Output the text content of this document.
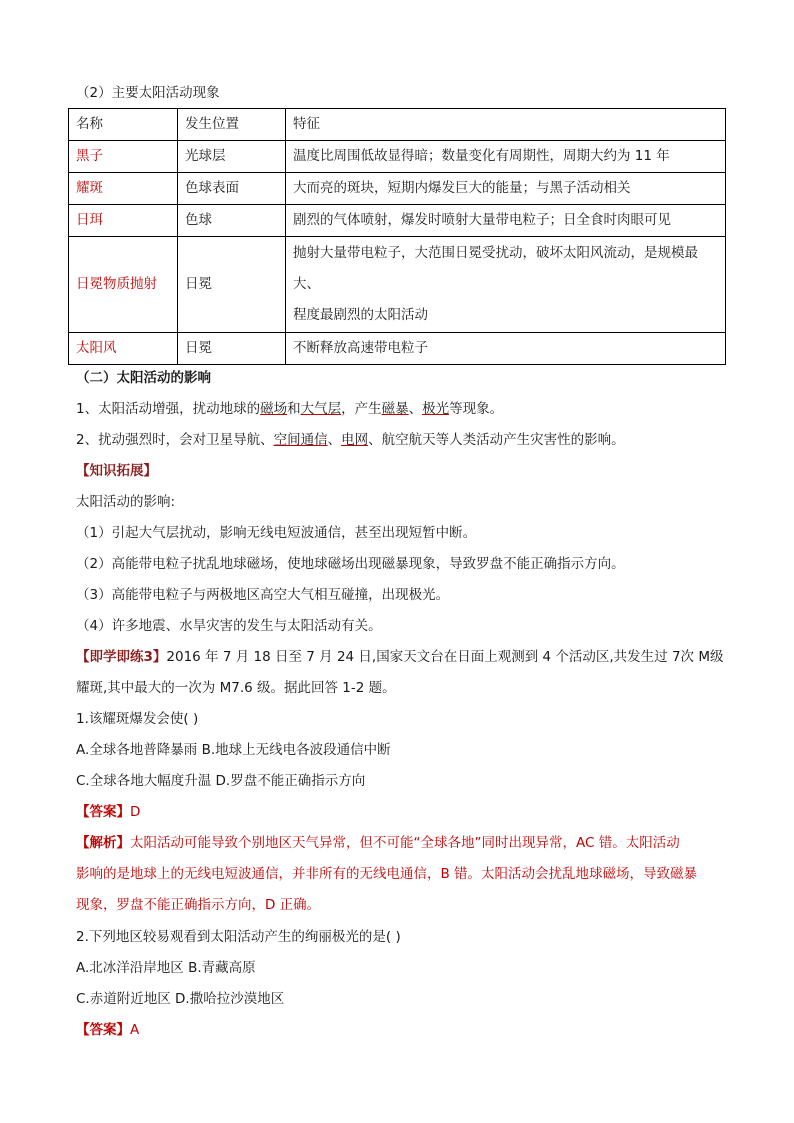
（2）主要太阳活动现象
名称	发生位置	特征
黑子	光球层	温度比周围低故显得暗；数量变化有周期性，周期大约为 11 年
耀斑	色球表面	大而亮的斑块，短期内爆发巨大的能量；与黑子活动相关
日珥	色球	剧烈的气体喷射，爆发时喷射大量带电粒子；日全食时肉眼可见
日冕物质抛射	日冕	抛射大量带电粒子，大范围日冕受扰动，破坏太阳风流动，是规模最大、
程度最剧烈的太阳活动

太阳风	日冕	不断释放高速带电粒子
（二）太阳活动的影响
1、太阳活动增强，扰动地球的磁场和大气层，产生磁暴、极光等现象。
2、扰动强烈时，会对卫星导航、空间通信、电网、航空航天等人类活动产生灾害性的影响。
【知识拓展】
太阳活动的影响:
（1）引起大气层扰动，影响无线电短波通信，甚至出现短暂中断。
（2）高能带电粒子扰乱地球磁场，使地球磁场出现磁暴现象，导致罗盘不能正确指示方向。
（3）高能带电粒子与两极地区高空大气相互碰撞，出现极光。
（4）许多地震、水旱灾害的发生与太阳活动有关。
【即学即练3】2016 年 7 月 18 日至 7 月 24 日,国家天文台在日面上观测到 4 个活动区,共发生过 7次 M级
耀斑,其中最大的一次为 M7.6 级。据此回答 1-2 题。
1.该耀斑爆发会使( )
A.全球各地普降暴雨 B.地球上无线电各波段通信中断
C.全球各地大幅度升温 D.罗盘不能正确指示方向
【答案】D
【解析】太阳活动可能导致个别地区天气异常，但不可能“全球各地”同时出现异常，AC 错。太阳活动
影响的是地球上的无线电短波通信，并非所有的无线电通信，B 错。太阳活动会扰乱地球磁场，导致磁暴
现象，罗盘不能正确指示方向，D 正确。
2.下列地区较易观看到太阳活动产生的绚丽极光的是( )
A.北冰洋沿岸地区 B.青藏高原
C.赤道附近地区 D.撒哈拉沙漠地区
【答案】A
